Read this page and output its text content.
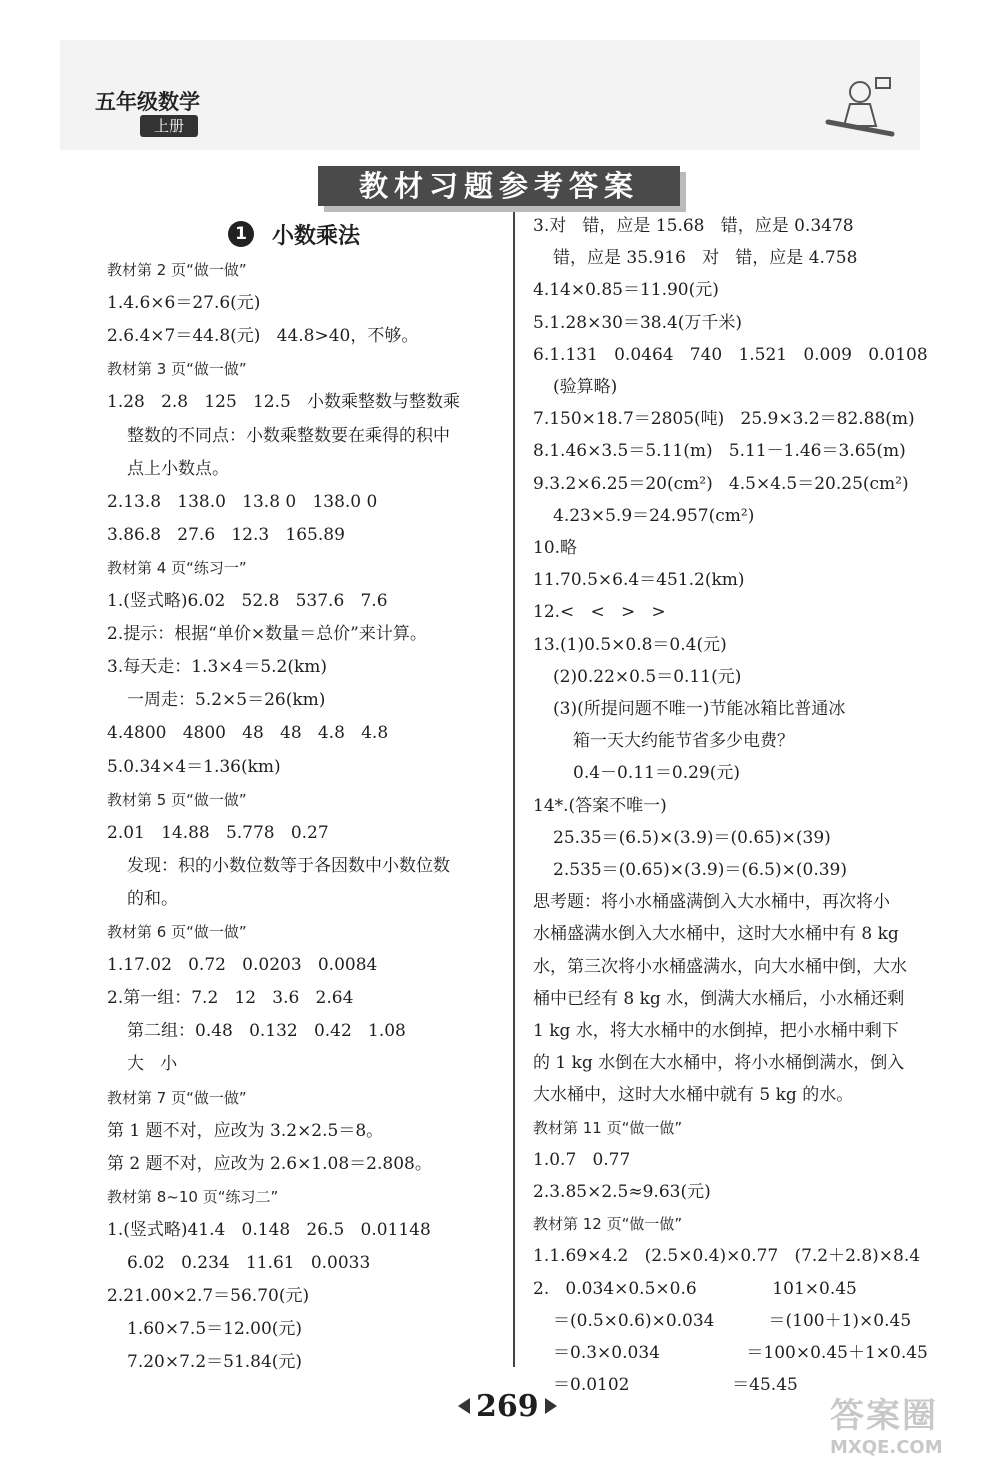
五年级数学
上册
教材习题参考答案
1	小数乘法
教材第 2 页“做一做”
1.4.6×6＝27.6(元)
2.6.4×7＝44.8(元)   44.8>40，不够。
教材第 3 页“做一做”
1.28   2.8   125   12.5   小数乘整数与整数乘
整数的不同点：小数乘整数要在乘得的积中
点上小数点。
2.13.8   138.0   13.8 0   138.0 0
3.86.8   27.6   12.3   165.89
教材第 4 页“练习一”
1.(竖式略)6.02   52.8   537.6   7.6
2.提示：根据“单价×数量＝总价”来计算。
3.每天走：1.3×4＝5.2(km)
一周走：5.2×5＝26(km)
4.4800   4800   48   48   4.8   4.8
5.0.34×4＝1.36(km)
教材第 5 页“做一做”
2.01   14.88   5.778   0.27
发现：积的小数位数等于各因数中小数位数
的和。
教材第 6 页“做一做”
1.17.02   0.72   0.0203   0.0084
2.第一组：7.2   12   3.6   2.64
第二组：0.48   0.132   0.42   1.08
大   小
教材第 7 页“做一做”
第 1 题不对，应改为 3.2×2.5＝8。
第 2 题不对，应改为 2.6×1.08＝2.808。
教材第 8~10 页“练习二”
1.(竖式略)41.4   0.148   26.5   0.01148
6.02   0.234   11.61   0.0033
2.21.00×2.7＝56.70(元)
1.60×7.5＝12.00(元)
7.20×7.2＝51.84(元)
3.对   错，应是 15.68   错，应是 0.3478
错，应是 35.916   对   错，应是 4.758
4.14×0.85＝11.90(元)
5.1.28×30＝38.4(万千米)
6.1.131   0.0464   740   1.521   0.009   0.0108
(验算略)
7.150×18.7＝2805(吨)   25.9×3.2＝82.88(m)
8.1.46×3.5＝5.11(m)   5.11－1.46＝3.65(m)
9.3.2×6.25＝20(cm²)   4.5×4.5＝20.25(cm²)
4.23×5.9＝24.957(cm²)
10.略
11.70.5×6.4＝451.2(km)
12.<   <   >   >
13.(1)0.5×0.8＝0.4(元)
(2)0.22×0.5＝0.11(元)
(3)(所提问题不唯一)节能冰箱比普通冰
箱一天大约能节省多少电费？
0.4－0.11＝0.29(元)
14*.(答案不唯一)
25.35＝(6.5)×(3.9)＝(0.65)×(39)
2.535＝(0.65)×(3.9)＝(6.5)×(0.39)
思考题：将小水桶盛满倒入大水桶中，再次将小
水桶盛满水倒入大水桶中，这时大水桶中有 8 kg
水，第三次将小水桶盛满水，向大水桶中倒，大水
桶中已经有 8 kg 水，倒满大水桶后，小水桶还剩
1 kg 水，将大水桶中的水倒掉，把小水桶中剩下
的 1 kg 水倒在大水桶中，将小水桶倒满水，倒入
大水桶中，这时大水桶中就有 5 kg 的水。
教材第 11 页“做一做”
1.0.7   0.77
2.3.85×2.5≈9.63(元)
教材第 12 页“做一做”
1.1.69×4.2   (2.5×0.4)×0.77   (7.2＋2.8)×8.4
2.   0.034×0.5×0.6              101×0.45
＝(0.5×0.6)×0.034          ＝(100＋1)×0.45
＝0.3×0.034                ＝100×0.45＋1×0.45
＝0.0102                   ＝45.45
269	答案圈
MXQE.COM
